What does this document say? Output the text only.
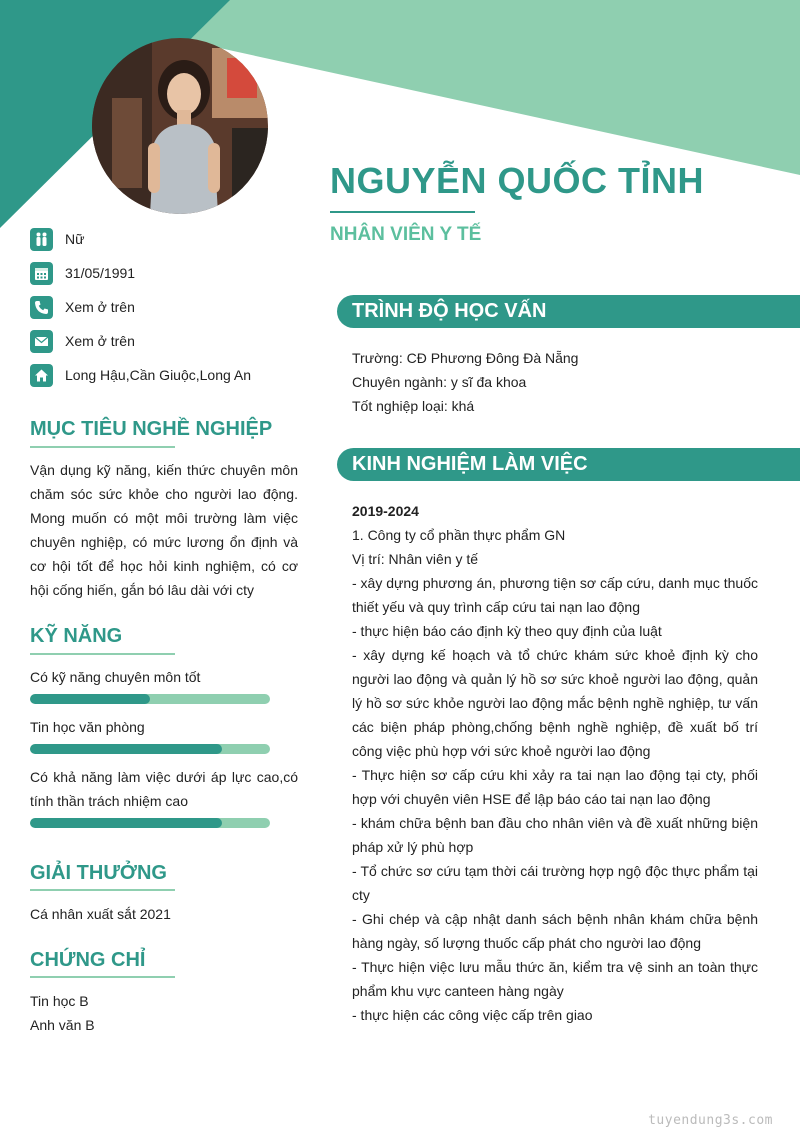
NGUYỄN QUỐC TỈNH
NHÂN VIÊN Y TẾ
Nữ
31/05/1991
Xem ở trên
Xem ở trên
Long Hậu,Cần Giuộc,Long An
MỤC TIÊU NGHỀ NGHIỆP
Vận dụng kỹ năng, kiến thức chuyên môn chăm sóc sức khỏe cho người lao động. Mong muốn có một môi trường làm việc chuyên nghiệp, có mức lương ổn định và cơ hội tốt để học hỏi kinh nghiệm, có cơ hội cống hiến, gắn bó lâu dài với cty
KỸ NĂNG
Có kỹ năng chuyên môn tốt
Tin học văn phòng
Có khả năng làm việc dưới áp lực cao,có tính thần trách nhiệm cao
GIẢI THƯỞNG
Cá nhân xuất sắt 2021
CHỨNG CHỈ
Tin học B
Anh văn B
TRÌNH ĐỘ HỌC VẤN
Trường: CĐ Phương Đông Đà Nẵng
Chuyên ngành: y sĩ đa khoa
Tốt nghiệp loại: khá
KINH NGHIỆM LÀM VIỆC
2019-2024
1. Công ty cổ phần thực phẩm GN
Vị trí: Nhân viên y tế
- xây dựng phương án, phương tiện sơ cấp cứu, danh mục thuốc thiết yếu và quy trình cấp cứu tai nạn lao động
- thực hiện báo cáo định kỳ theo quy định của luật
- xây dựng kế hoạch và tổ chức khám sức khoẻ định kỳ cho người lao động và quản lý hồ sơ sức khoẻ người lao động, quản lý hồ sơ sức khỏe người lao động mắc bệnh nghề nghiệp, tư vấn các biện pháp phòng,chống bệnh nghề nghiệp, đề xuất bố trí công việc phù hợp với sức khoẻ người lao động
- Thực hiện sơ cấp cứu khi xảy ra tai nạn lao động tại cty, phối hợp với chuyên viên HSE để lập báo cáo tai nạn lao động
- khám chữa bệnh ban đầu cho nhân viên và đề xuất những biện pháp xử lý phù hợp
- Tổ chức sơ cứu tạm thời cái trường hợp ngộ độc thực phẩm tại cty
- Ghi chép và cập nhật danh sách bệnh nhân khám chữa bệnh hàng ngày, số lượng thuốc cấp phát cho người lao động
- Thực hiện việc lưu mẫu thức ăn, kiểm tra vệ sinh an toàn thực phẩm khu vực canteen hàng ngày
- thực hiện các công việc cấp trên giao
tuyendung3s.com
